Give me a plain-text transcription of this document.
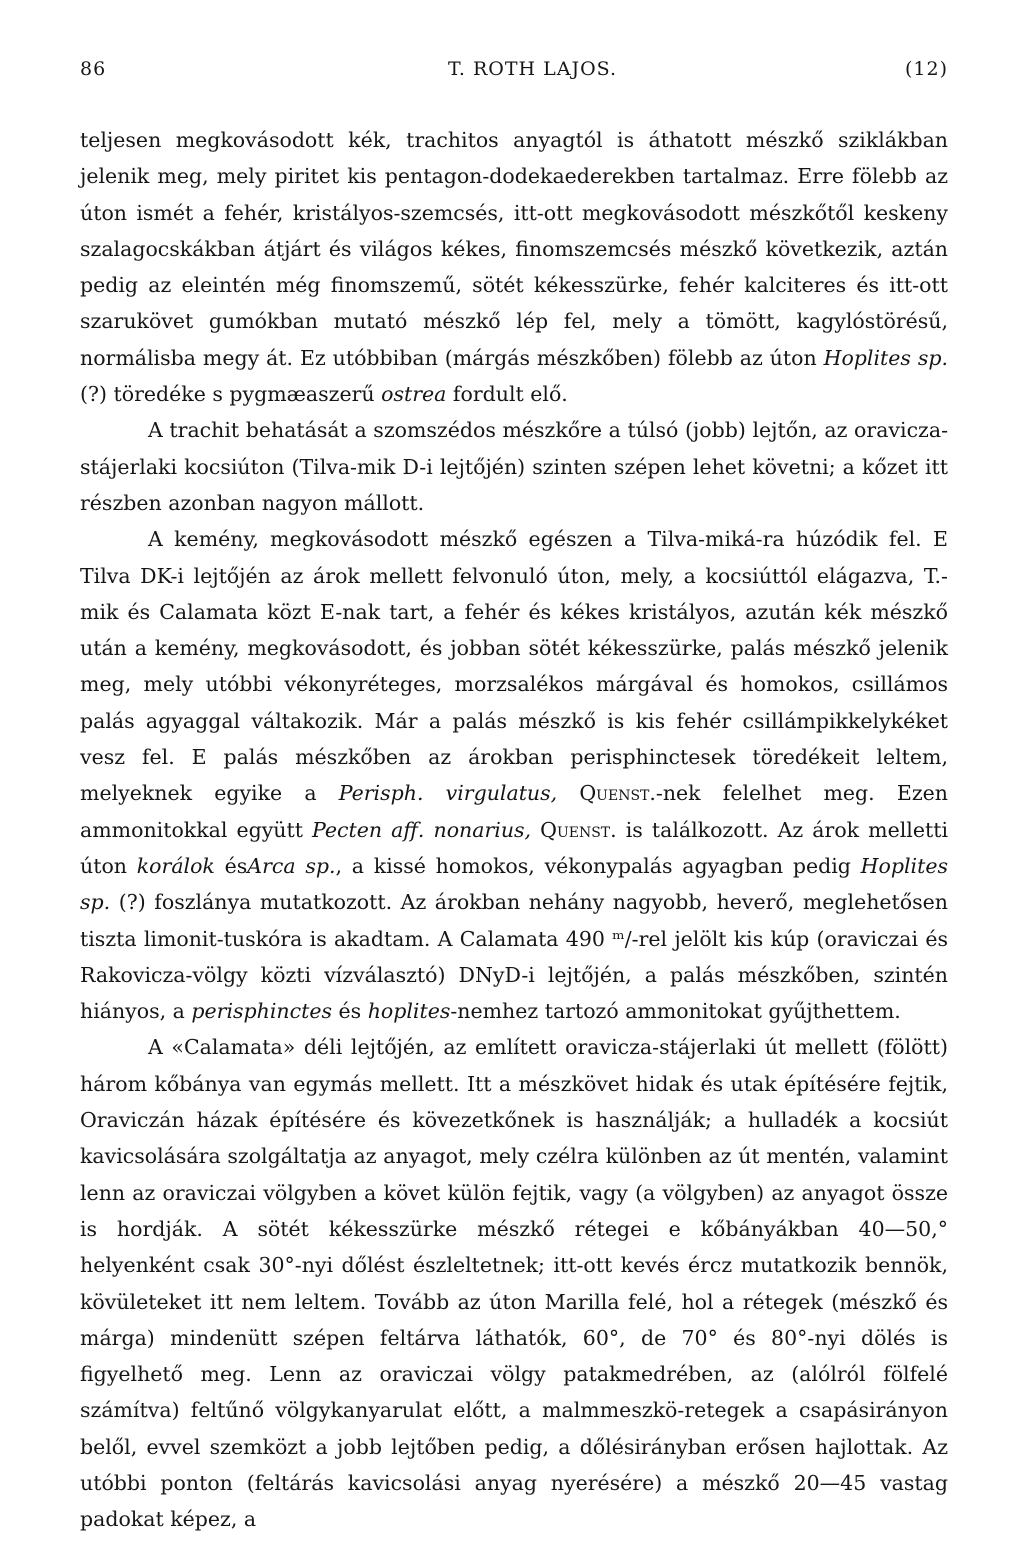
86	T. ROTH LAJOS.	(12)

teljesen megkovásodott kék, trachitos anyagtól is áthatott mészkő sziklákban jelenik meg, mely piritet kis pentagon-dodekaederekben tartalmaz. Erre fölebb az úton ismét a fehér, kristályos-szemcsés, itt-ott megkovásodott mészkőtől keskeny szalagocskákban átjárt és világos kékes, finomszemcsés mészkő következik, aztán pedig az eleintén még finomszemű, sötét kékesszürke, fehér kalciteres és itt-ott szarukövet gumókban mutató mészkő lép fel, mely a tömött, kagylóstörésű, normálisba megy át. Ez utóbbiban (márgás mészkőben) fölebb az úton Hoplites sp. (?) töredéke s pygmæaszerű ostrea fordult elő.

A trachit behatását a szomszédos mészkőre a túlsó (jobb) lejtőn, az oravicza-stájerlaki kocsiúton (Tilva-mik D-i lejtőjén) szinten szépen lehet követni; a kőzet itt részben azonban nagyon mállott.

A kemény, megkovásodott mészkő egészen a Tilva-miká-ra húzódik fel. E Tilva DK-i lejtőjén az árok mellett felvonuló úton, mely, a kocsiúttól elágazva, T.-mik és Calamata közt E-nak tart, a fehér és kékes kristályos, azután kék mészkő után a kemény, megkovásodott, és jobban sötét kékesszürke, palás mészkő jelenik meg, mely utóbbi vékonyréteges, morzsalékos márgával és homokos, csillámos palás agyaggal váltakozik. Már a palás mészkő is kis fehér csillámpikkelykéket vesz fel. E palás mészkőben az árokban perisphinctesek töredékeit leltem, melyeknek egyike a Perisph. virgulatus, Quenst.-nek felelhet meg. Ezen ammonitokkal együtt Pecten aff. nonarius, Quenst. is találkozott. Az árok melletti úton korálok ésArca sp., a kissé homokos, vékonypalás agyagban pedig Hoplites sp. (?) foszlánya mutatkozott. Az árokban nehány nagyobb, heverő, meglehetősen tiszta limonit-tuskóra is akadtam. A Calamata 490 ᵐ/-rel jelölt kis kúp (oraviczai és Rakovicza-völgy közti vízválasztó) DNyD-i lejtőjén, a palás mészkőben, szintén hiányos, a perisphinctes és hoplites-nemhez tartozó ammonitokat gyűjthettem.

A «Calamata» déli lejtőjén, az említett oravicza-stájerlaki út mellett (fölött) három kőbánya van egymás mellett. Itt a mészkövet hidak és utak építésére fejtik, Oraviczán házak építésére és kövezetkőnek is használják; a hulladék a kocsiút kavicsolására szolgáltatja az anyagot, mely czélra különben az út mentén, valamint lenn az oraviczai völgyben a követ külön fejtik, vagy (a völgyben) az anyagot össze is hordják. A sötét kékesszürke mészkő rétegei e kőbányákban 40—50,° helyenként csak 30°-nyi dőlést észleltetnek; itt-ott kevés ércz mutatkozik bennök, kövületeket itt nem leltem. Tovább az úton Marilla felé, hol a rétegek (mészkő és márga) mindenütt szépen feltárva láthatók, 60°, de 70° és 80°-nyi dölés is figyelhető meg. Lenn az oraviczai völgy patakmedrében, az (alólról fölfelé számítva) feltűnő völgykanyarulat előtt, a malmmeszkö-retegek a csapásirányon belől, evvel szemközt a jobb lejtőben pedig, a dőlésirányban erősen hajlottak. Az utóbbi ponton (feltárás kavicsolási anyag nyerésére) a mészkő 20—45 vastag padokat képez, a
